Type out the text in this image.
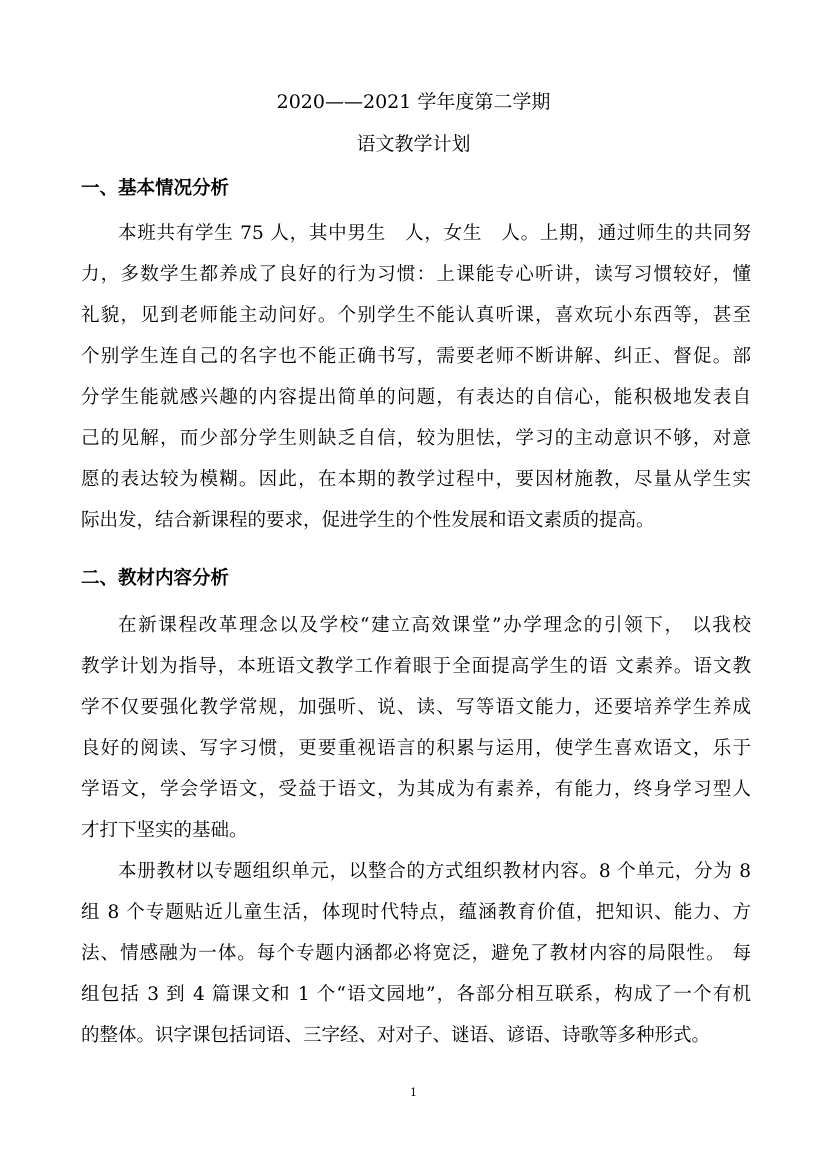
2020——2021 学年度第二学期
语文教学计划
一、基本情况分析
本班共有学生 75 人，其中男生　人，女生　人。上期，通过师生的共同努
力，多数学生都养成了良好的行为习惯：上课能专心听讲，读写习惯较好，懂
礼貌，见到老师能主动问好。个别学生不能认真听课，喜欢玩小东西等，甚至
个别学生连自己的名字也不能正确书写，需要老师不断讲解、纠正、督促。部
分学生能就感兴趣的内容提出简单的问题，有表达的自信心，能积极地发表自
己的见解，而少部分学生则缺乏自信，较为胆怯，学习的主动意识不够，对意
愿的表达较为模糊。因此，在本期的教学过程中，要因材施教，尽量从学生实
际出发，结合新课程的要求，促进学生的个性发展和语文素质的提高。
二、教材内容分析
在新课程改革理念以及学校“建立高效课堂”办学理念的引领下， 以我校
教学计划为指导，本班语文教学工作着眼于全面提高学生的语 文素养。语文教
学不仅要强化教学常规，加强听、说、读、写等语文能力，还要培养学生养成
良好的阅读、写字习惯，更要重视语言的积累与运用，使学生喜欢语文，乐于
学语文，学会学语文，受益于语文，为其成为有素养，有能力，终身学习型人
才打下坚实的基础。
本册教材以专题组织单元，以整合的方式组织教材内容。8 个单元，分为 8
组 8 个专题贴近儿童生活，体现时代特点，蕴涵教育价值，把知识、能力、方
法、情感融为一体。每个专题内涵都必将宽泛，避免了教材内容的局限性。 每
组包括 3 到 4 篇课文和 1 个“语文园地”，各部分相互联系，构成了一个有机
的整体。识字课包括词语、三字经、对对子、谜语、谚语、诗歌等多种形式。
1
